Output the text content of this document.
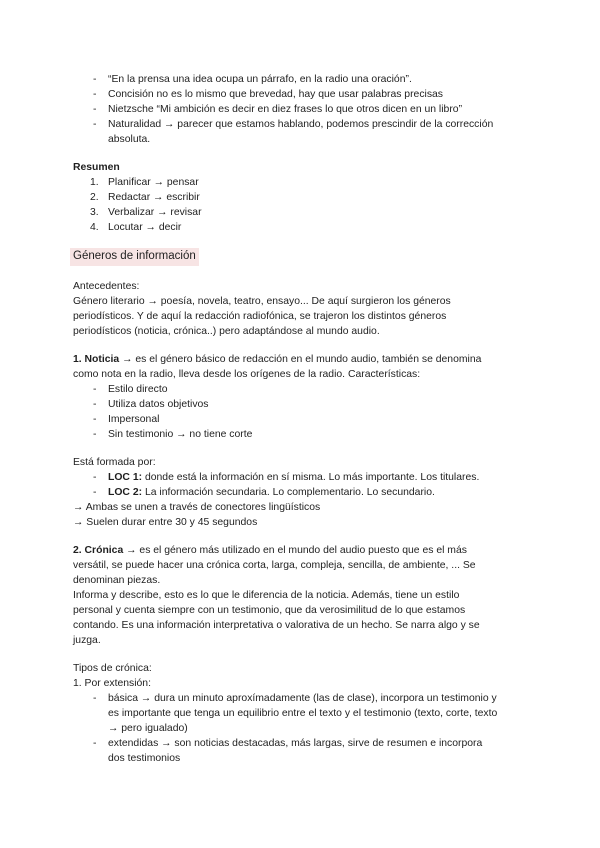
- “En la prensa una idea ocupa un párrafo, en la radio una oración”.
- Concisión no es lo mismo que brevedad, hay que usar palabras precisas
- Nietzsche “Mi ambición es decir en diez frases lo que otros dicen en un libro”
- Naturalidad → parecer que estamos hablando, podemos prescindir de la corrección
absoluta.
Resumen
1. Planificar → pensar
2. Redactar → escribir
3. Verbalizar → revisar
4. Locutar → decir
Géneros de información
Antecedentes:
Género literario → poesía, novela, teatro, ensayo... De aquí surgieron los géneros
periodísticos. Y de aquí la redacción radiofónica, se trajeron los distintos géneros
periodísticos (noticia, crónica..) pero adaptándose al mundo audio.
1. Noticia → es el género básico de redacción en el mundo audio, también se denomina
como nota en la radio, lleva desde los orígenes de la radio. Características:
- Estilo directo
- Utiliza datos objetivos
- Impersonal
- Sin testimonio → no tiene corte
Está formada por:
- LOC 1: donde está la información en sí misma. Lo más importante. Los titulares.
- LOC 2: La información secundaria. Lo complementario. Lo secundario.
→ Ambas se unen a través de conectores lingüísticos
→ Suelen durar entre 30 y 45 segundos
2. Crónica → es el género más utilizado en el mundo del audio puesto que es el más
versátil, se puede hacer una crónica corta, larga, compleja, sencilla, de ambiente, ... Se
denominan piezas.
Informa y describe, esto es lo que le diferencia de la noticia. Además, tiene un estilo
personal y cuenta siempre con un testimonio, que da verosimilitud de lo que estamos
contando. Es una información interpretativa o valorativa de un hecho. Se narra algo y se
juzga.
Tipos de crónica:
1. Por extensión:
- básica → dura un minuto aproxímadamente (las de clase), incorpora un testimonio y
es importante que tenga un equilibrio entre el texto y el testimonio (texto, corte, texto
→ pero igualado)
- extendidas → son noticias destacadas, más largas, sirve de resumen e incorpora
dos testimonios
